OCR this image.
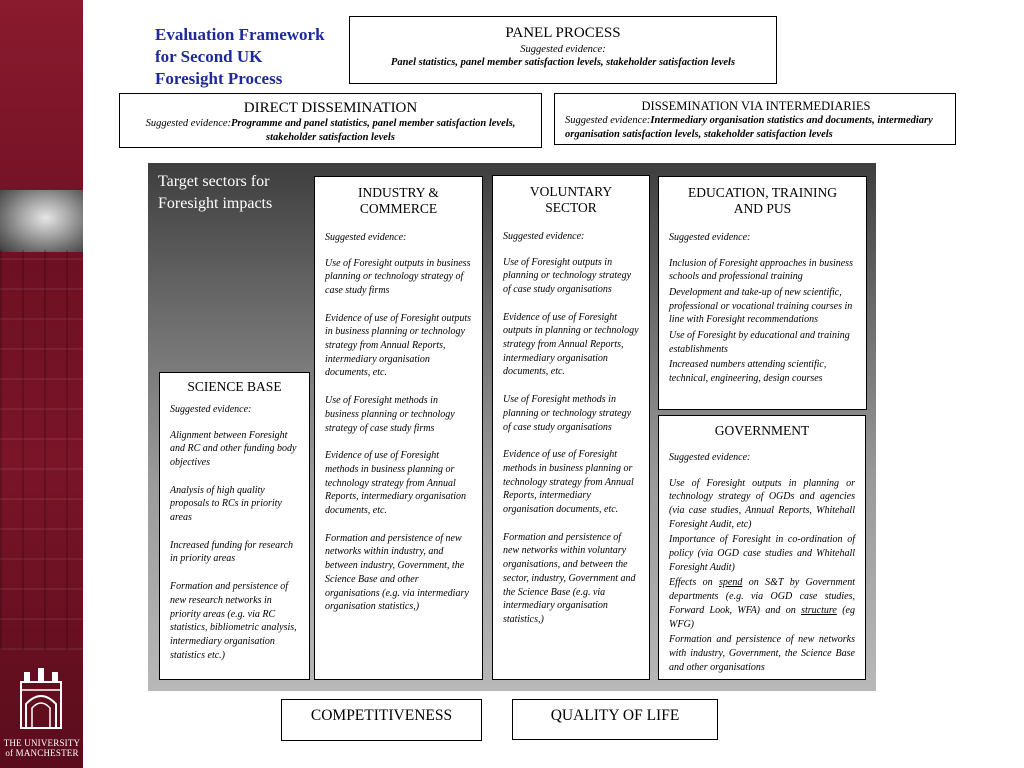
THE UNIVERSITY
of MANCHESTER
Evaluation Framework
for Second UK
Foresight Process
PANEL PROCESS
Suggested evidence:
Panel statistics, panel member satisfaction levels, stakeholder satisfaction levels
DIRECT DISSEMINATION
Suggested evidence:Programme and panel statistics, panel member satisfaction levels, stakeholder satisfaction levels
DISSEMINATION VIA INTERMEDIARIES
Suggested evidence:Intermediary organisation statistics and documents, intermediary organisation satisfaction levels, stakeholder satisfaction levels
Target sectors for
Foresight impacts
INDUSTRY &
COMMERCE
Suggested evidence:

Use of Foresight outputs in business planning or technology strategy of case study firms

Evidence of use of Foresight outputs in business planning or technology strategy from Annual Reports, intermediary organisation documents, etc.

Use of Foresight methods in business planning or technology strategy of case study firms

Evidence of use of Foresight methods in business planning or technology strategy from Annual Reports, intermediary organisation documents, etc.

Formation and persistence of new networks within industry, and between industry, Government, the Science Base and other organisations (e.g. via intermediary organisation statistics,)

VOLUNTARY
SECTOR
Suggested evidence:

Use of Foresight outputs in planning or technology strategy of case study organisations

Evidence of use of Foresight outputs in planning or technology strategy from Annual Reports, intermediary organisation documents, etc.

Use of Foresight methods in planning or technology strategy of case study organisations

Evidence of use of Foresight methods in business planning or technology strategy from Annual Reports, intermediary organisation documents, etc.

Formation and persistence of new networks within voluntary organisations, and between the sector, industry, Government and the Science Base (e.g. via intermediary organisation statistics,)

EDUCATION, TRAINING
AND PUS
Suggested evidence:

Inclusion of Foresight approaches in business schools and professional training

Development and take-up of new scientific, professional or vocational training courses in line with Foresight recommendations

Use of Foresight by educational and training establishments

Increased numbers attending scientific, technical, engineering, design courses

SCIENCE BASE
Suggested evidence:

Alignment between Foresight and RC and other funding body objectives

Analysis of high quality proposals to RCs in priority areas

Increased funding for research in priority areas

Formation and persistence of new research networks in priority areas (e.g. via RC statistics, bibliometric analysis, intermediary organisation statistics etc.)

GOVERNMENT
Suggested evidence:

Use of Foresight outputs in planning or technology strategy of OGDs and agencies (via case studies, Annual Reports, Whitehall Foresight Audit, etc)

Importance of Foresight in co-ordination of policy (via OGD case studies and Whitehall Foresight Audit)

Effects on spend on S&T by Government departments (e.g. via OGD case studies, Forward Look, WFA) and on structure (eg WFG)

Formation and persistence of new networks with industry, Government, the Science Base and other organisations

COMPETITIVENESS	QUALITY OF LIFE
